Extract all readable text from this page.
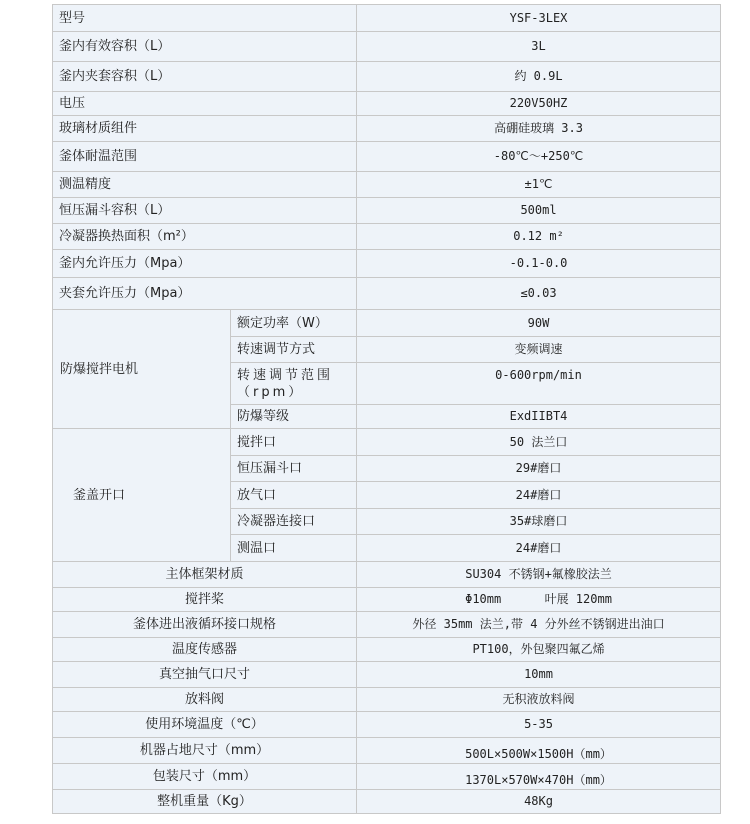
型号		YSF-3LEX
釜内有效容积（L）		3L
釜内夹套容积（L）		约 0.9L
电压		220V50HZ
玻璃材质组件		高硼硅玻璃 3.3
釜体耐温范围		-80℃～+250℃
测温精度		±1℃
恒压漏斗容积（L）		500ml
冷凝器换热面积（m²）		0.12 m²
釜内允许压力（Mpa）		-0.1-0.0
夹套允许压力（Mpa）		≤0.03
防爆搅拌电机	额定功率（W）	90W
	转速调节方式	变频调速
	转速调节范围（rpm）	0-600rpm/min
	防爆等级	ExdIIBT4
釜盖开口	搅拌口	50 法兰口
	恒压漏斗口	29#磨口
	放气口	24#磨口
	冷凝器连接口	35#球磨口
	测温口	24#磨口
主体框架材质		SU304 不锈钢+氟橡胶法兰
搅拌桨		Φ10mm      叶展 120mm
釜体进出液循环接口规格		外径 35mm 法兰,带 4 分外丝不锈钢进出油口
温度传感器		PT100，外包聚四氟乙烯
真空抽气口尺寸		10mm
放料阀		无积液放料阀
使用环境温度（℃）		5-35
机器占地尺寸（mm）		500L×500W×1500H（mm）
包装尺寸（mm）		1370L×570W×470H（mm）
整机重量（Kg）		48Kg
